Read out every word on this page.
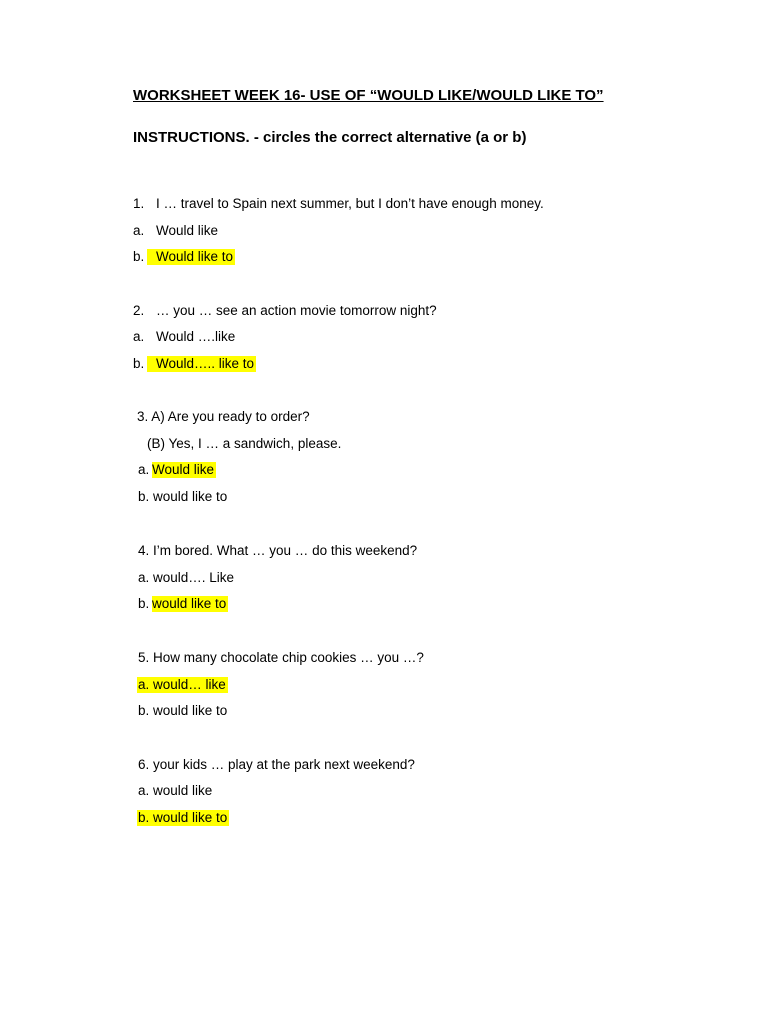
WORKSHEET WEEK 16- USE OF “WOULD LIKE/WOULD LIKE TO”
INSTRUCTIONS. - circles the correct alternative (a or b)
1. I … travel to Spain next summer, but I don’t have enough money.
a. Would like
b. Would like to
2. … you … see an action movie tomorrow night?
a. Would ….like
b. Would….. like to
3. A) Are you ready to order?
(B) Yes, I … a sandwich, please.
a. Would like
b. would like to
4. I’m bored. What … you … do this weekend?
a. would…. Like
b. would like to
5. How many chocolate chip cookies … you …?
a. would… like
b. would like to
6. your kids … play at the park next weekend?
a. would like
b. would like to
